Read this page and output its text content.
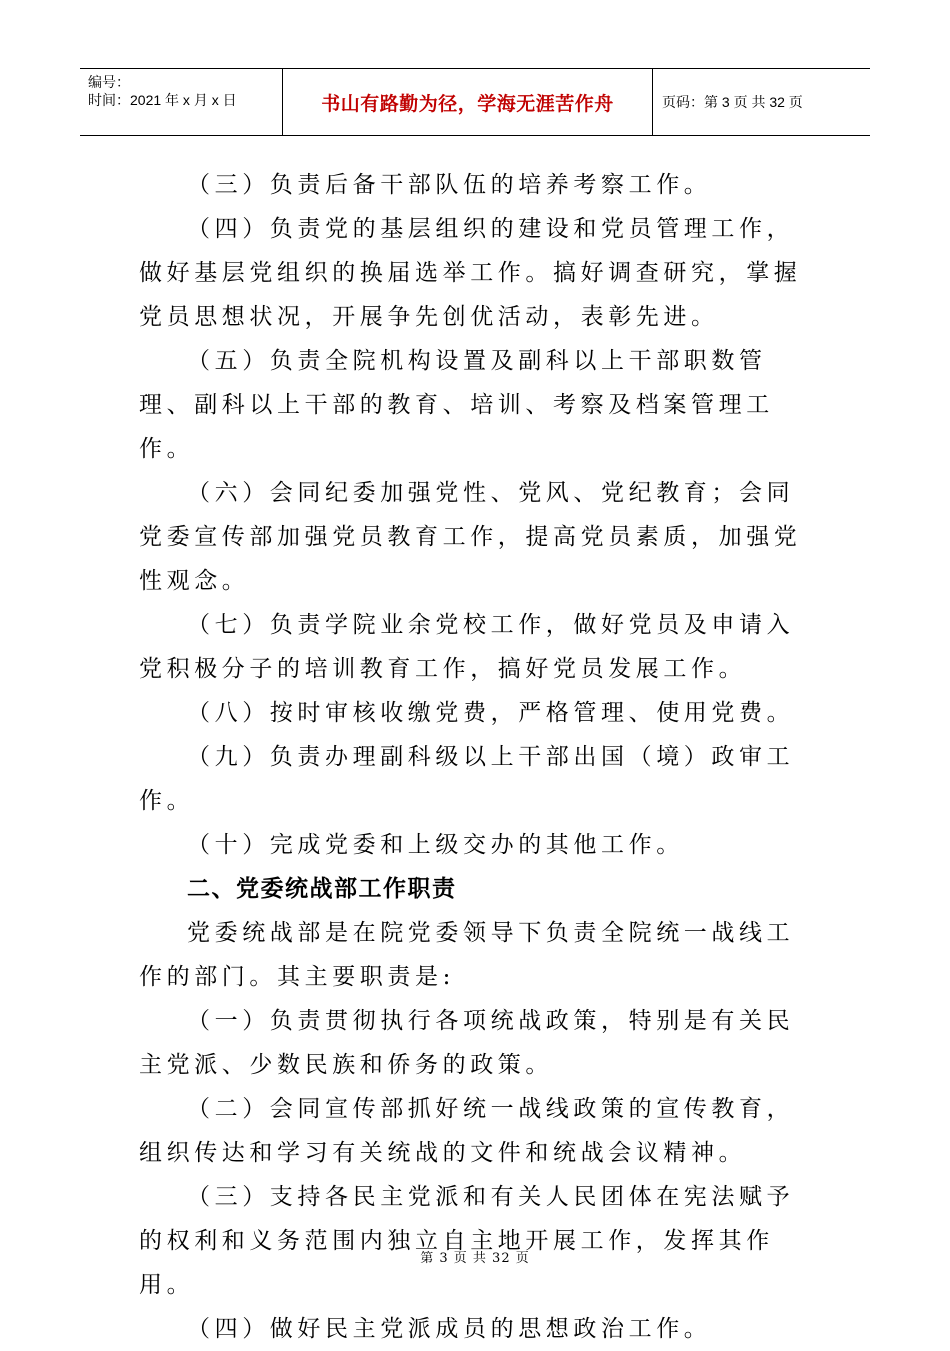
编号：
时间：2021 年 x 月 x 日	书山有路勤为径，学海无涯苦作舟	页码：第 3 页 共 32 页

（三）负责后备干部队伍的培养考察工作。

（四）负责党的基层组织的建设和党员管理工作，做好基层党组织的换届选举工作。搞好调查研究，掌握党员思想状况，开展争先创优活动，表彰先进。

（五）负责全院机构设置及副科以上干部职数管理、副科以上干部的教育、培训、考察及档案管理工作。

（六）会同纪委加强党性、党风、党纪教育；会同党委宣传部加强党员教育工作，提高党员素质，加强党性观念。

（七）负责学院业余党校工作，做好党员及申请入党积极分子的培训教育工作，搞好党员发展工作。

（八）按时审核收缴党费，严格管理、使用党费。

（九）负责办理副科级以上干部出国（境）政审工作。

（十）完成党委和上级交办的其他工作。

二、党委统战部工作职责

党委统战部是在院党委领导下负责全院统一战线工作的部门。其主要职责是:

（一）负责贯彻执行各项统战政策，特别是有关民主党派、少数民族和侨务的政策。

（二）会同宣传部抓好统一战线政策的宣传教育，组织传达和学习有关统战的文件和统战会议精神。

（三）支持各民主党派和有关人民团体在宪法赋予的权利和义务范围内独立自主地开展工作，发挥其作用。

（四）做好民主党派成员的思想政治工作。

第 3 页 共 32 页
